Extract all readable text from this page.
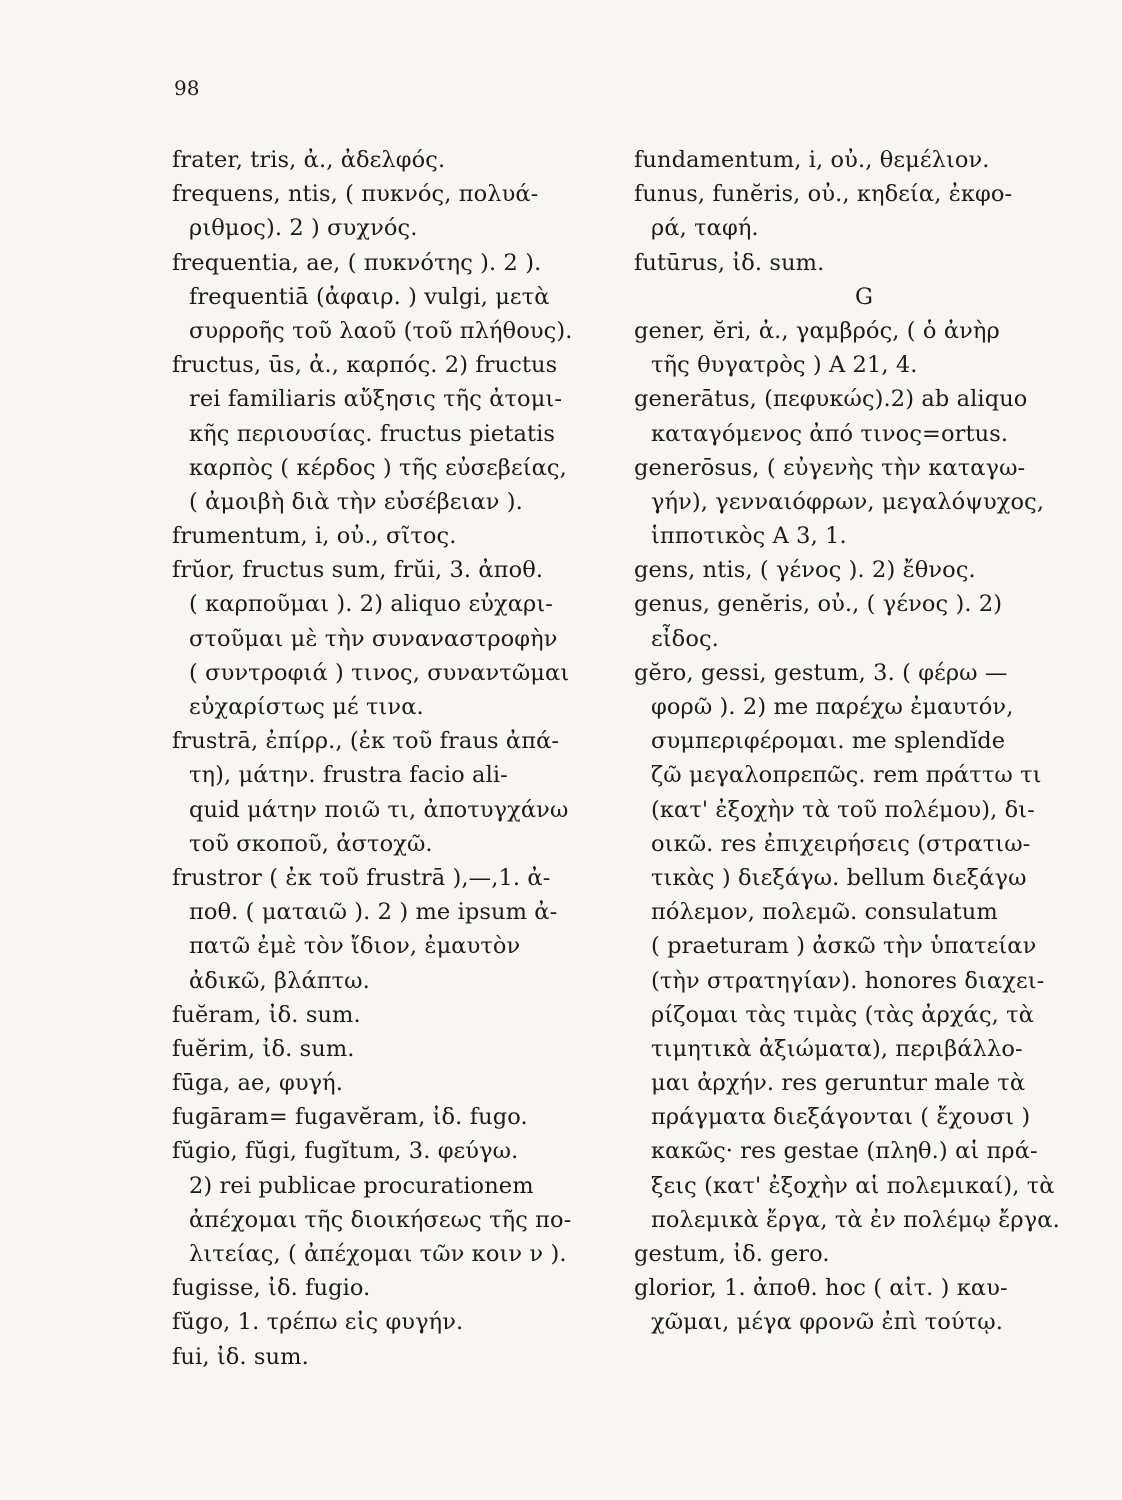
98
frater, tris, ἀ., ἀδελφός.
frequens, ntis, ( πυκνός, πολυά-
ριθμος). 2 ) συχνός.
frequentia, ae, ( πυκνότης ). 2 ).
frequentiā (ἀφαιρ. ) vulgi, μετὰ
συρροῆς τοῦ λαοῦ (τοῦ πλήθους).
fructus, ūs, ἀ., καρπός. 2) fructus
rei familiaris αὔξησις τῆς ἀτομι-
κῆς περιουσίας. fructus pietatis
καρπὸς ( κέρδος ) τῆς εὐσεβείας,
( ἀμοιβὴ διὰ τὴν εὐσέβειαν ).
frumentum, i, οὐ., σῖτος.
frŭor, fructus sum, frŭi, 3. ἀποθ.
( καρποῦμαι ). 2) aliquo εὐχαρι-
στοῦμαι μὲ τὴν συναναστροφὴν
( συντροφιά ) τινος, συναντῶμαι
εὐχαρίστως μέ τινα.
frustrā, ἐπίρρ., (ἐκ τοῦ fraus ἀπά-
τη), μάτην. frustra facio ali-
quid μάτην ποιῶ τι, ἀποτυγχάνω
τοῦ σκοποῦ, ἀστοχῶ.
frustror ( ἐκ τοῦ frustrā ),—,1. ἀ-
ποθ. ( ματαιῶ ). 2 ) me ipsum ἀ-
πατῶ ἐμὲ τὸν ἴδιον, ἐμαυτὸν
ἀδικῶ, βλάπτω.
fuĕram, ἰδ. sum.
fuĕrim, ἰδ. sum.
fūga, ae, φυγή.
fugāram= fugavĕram, ἰδ. fugo.
fŭgio, fŭgi, fugĭtum, 3. φεύγω.
2) rei publicae procurationem
ἀπέχομαι τῆς διοικήσεως τῆς πο-
λιτείας, ( ἀπέχομαι τῶν κοιν ν ).
fugisse, ἰδ. fugio.
fŭgo, 1. τρέπω εἰς φυγήν.
fui, ἰδ. sum.
fundamentum, i, οὐ., θεμέλιον.
funus, funĕris, οὐ., κηδεία, ἐκφο-
ρά, ταφή.
futūrus, ἰδ. sum.
G
gener, ĕri, ἀ., γαμβρός, ( ὁ ἀνὴρ
τῆς θυγατρὸς ) A 21, 4.
generātus, (πεφυκώς).2) ab aliquo
καταγόμενος ἀπό τινος=ortus.
generōsus, ( εὐγενὴς τὴν καταγω-
γήν), γενναιόφρων, μεγαλόψυχος,
ἱπποτικὸς A 3, 1.
gens, ntis, ( γένος ). 2) ἔθνος.
genus, genĕris, οὐ., ( γένος ). 2)
εἶδος.
gĕro, gessi, gestum, 3. ( φέρω —
φορῶ ). 2) me παρέχω ἐμαυτόν,
συμπεριφέρομαι. me splendĭde
ζῶ μεγαλοπρεπῶς. rem πράττω τι
(κατ' ἐξοχὴν τὰ τοῦ πολέμου), δι-
οικῶ. res ἐπιχειρήσεις (στρατιω-
τικὰς ) διεξάγω. bellum διεξάγω
πόλεμον, πολεμῶ. consulatum
( praeturam ) ἀσκῶ τὴν ὑπατείαν
(τὴν στρατηγίαν). honores διαχει-
ρίζομαι τὰς τιμὰς (τὰς ἀρχάς, τὰ
τιμητικὰ ἀξιώματα), περιβάλλο-
μαι ἀρχήν. res geruntur male τὰ
πράγματα διεξάγονται ( ἔχουσι )
κακῶς· res gestae (πληθ.) αἱ πρά-
ξεις (κατ' ἐξοχὴν αἱ πολεμικαί), τὰ
πολεμικὰ ἔργα, τὰ ἐν πολέμῳ ἔργα.
gestum, ἰδ. gero.
glorior, 1. ἀποθ. hoc ( αἰτ. ) καυ-
χῶμαι, μέγα φρονῶ ἐπὶ τούτῳ.
